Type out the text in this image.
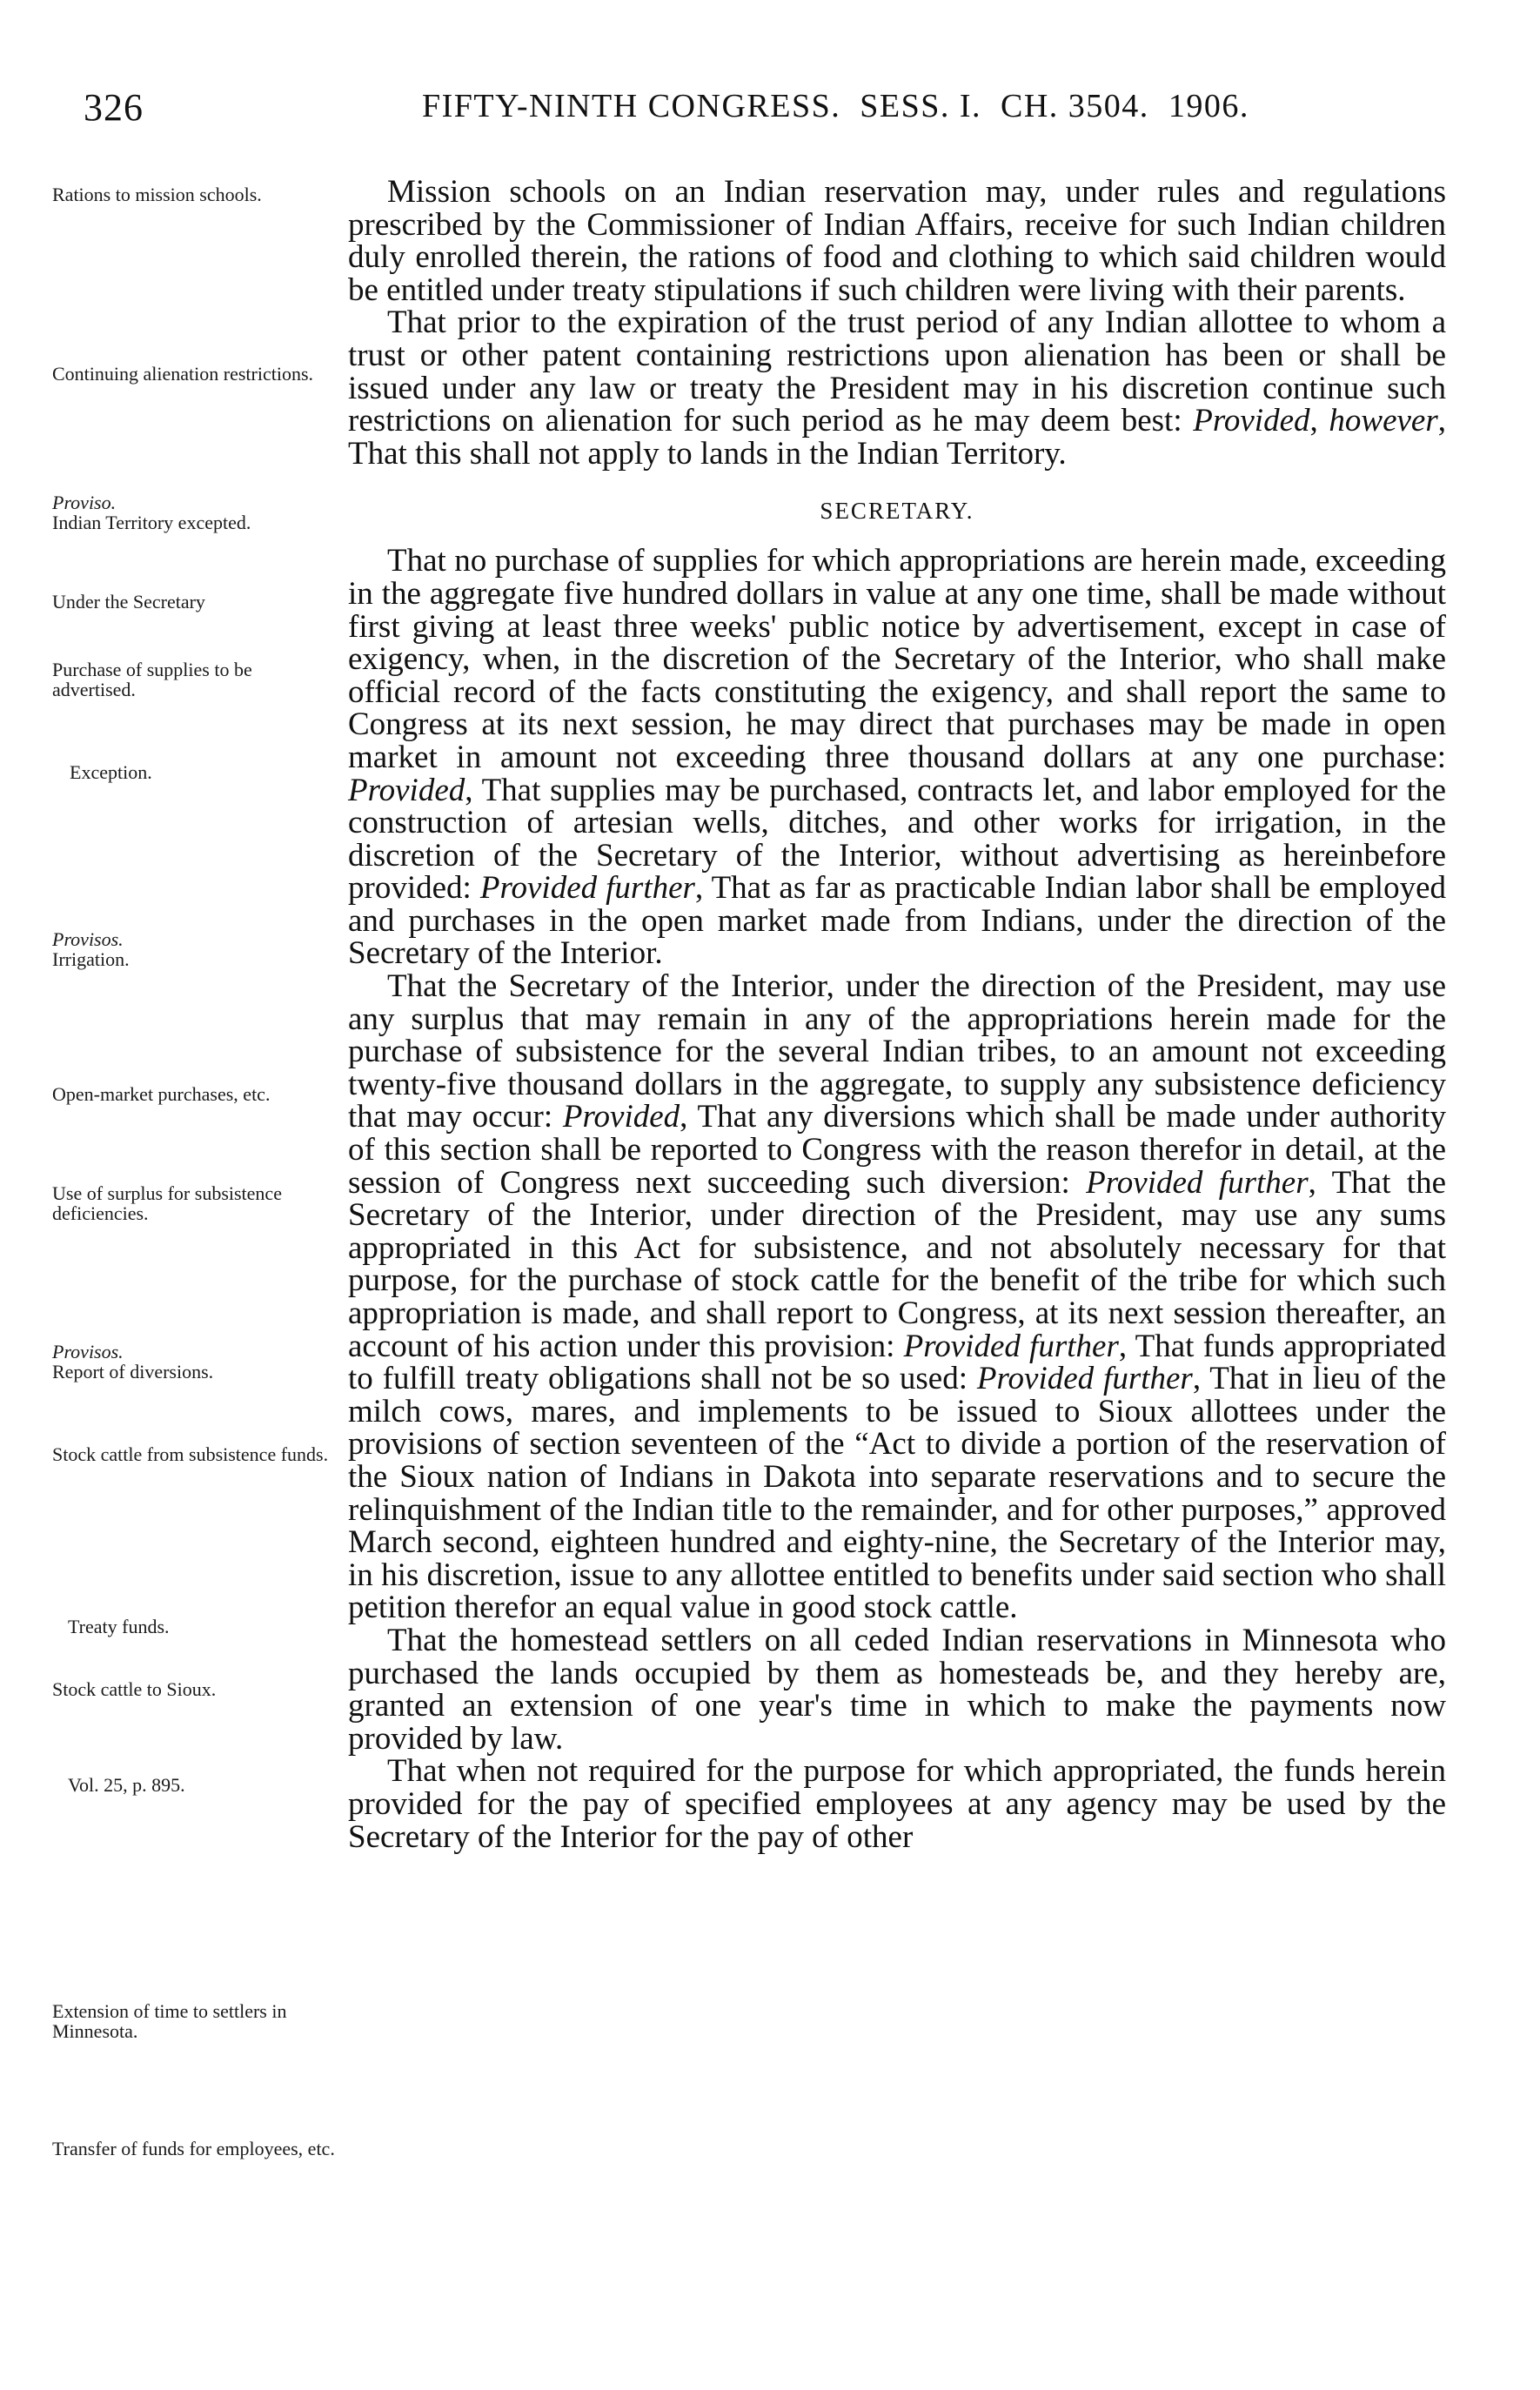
326	FIFTY-NINTH CONGRESS. SESS. I. CH. 3504. 1906.
Rations to mission schools.
Continuing alienation restrictions.
Proviso.
Indian Territory excepted.
Under the Secretary
Purchase of supplies to be advertised.
Exception.
Provisos.
Irrigation.
Open-market purchases, etc.
Use of surplus for subsistence deficiencies.
Provisos.
Report of diversions.
Stock cattle from subsistence funds.
Treaty funds.
Stock cattle to Sioux.
Vol. 25, p. 895.
Extension of time to settlers in Minnesota.
Transfer of funds for employees, etc.

Mission schools on an Indian reservation may, under rules and regulations prescribed by the Commissioner of Indian Affairs, receive for such Indian children duly enrolled therein, the rations of food and clothing to which said children would be entitled under treaty stipulations if such children were living with their parents.

That prior to the expiration of the trust period of any Indian allottee to whom a trust or other patent containing restrictions upon alienation has been or shall be issued under any law or treaty the President may in his discretion continue such restrictions on alienation for such period as he may deem best: Provided, however, That this shall not apply to lands in the Indian Territory.

SECRETARY.

That no purchase of supplies for which appropriations are herein made, exceeding in the aggregate five hundred dollars in value at any one time, shall be made without first giving at least three weeks' public notice by advertisement, except in case of exigency, when, in the discretion of the Secretary of the Interior, who shall make official record of the facts constituting the exigency, and shall report the same to Congress at its next session, he may direct that purchases may be made in open market in amount not exceeding three thousand dollars at any one purchase: Provided, That supplies may be purchased, contracts let, and labor employed for the construction of artesian wells, ditches, and other works for irrigation, in the discretion of the Secretary of the Interior, without advertising as hereinbefore provided: Provided further, That as far as practicable Indian labor shall be employed and purchases in the open market made from Indians, under the direction of the Secretary of the Interior.

That the Secretary of the Interior, under the direction of the President, may use any surplus that may remain in any of the appropriations herein made for the purchase of subsistence for the several Indian tribes, to an amount not exceeding twenty-five thousand dollars in the aggregate, to supply any subsistence deficiency that may occur: Provided, That any diversions which shall be made under authority of this section shall be reported to Congress with the reason therefor in detail, at the session of Congress next succeeding such diversion: Provided further, That the Secretary of the Interior, under direction of the President, may use any sums appropriated in this Act for subsistence, and not absolutely necessary for that purpose, for the purchase of stock cattle for the benefit of the tribe for which such appropriation is made, and shall report to Congress, at its next session thereafter, an account of his action under this provision: Provided further, That funds appropriated to fulfill treaty obligations shall not be so used: Provided further, That in lieu of the milch cows, mares, and implements to be issued to Sioux allottees under the provisions of section seventeen of the “Act to divide a portion of the reservation of the Sioux nation of Indians in Dakota into separate reservations and to secure the relinquishment of the Indian title to the remainder, and for other purposes,” approved March second, eighteen hundred and eighty-nine, the Secretary of the Interior may, in his discretion, issue to any allottee entitled to benefits under said section who shall petition therefor an equal value in good stock cattle.

That the homestead settlers on all ceded Indian reservations in Minnesota who purchased the lands occupied by them as homesteads be, and they hereby are, granted an extension of one year's time in which to make the payments now provided by law.

That when not required for the purpose for which appropriated, the funds herein provided for the pay of specified employees at any agency may be used by the Secretary of the Interior for the pay of other
